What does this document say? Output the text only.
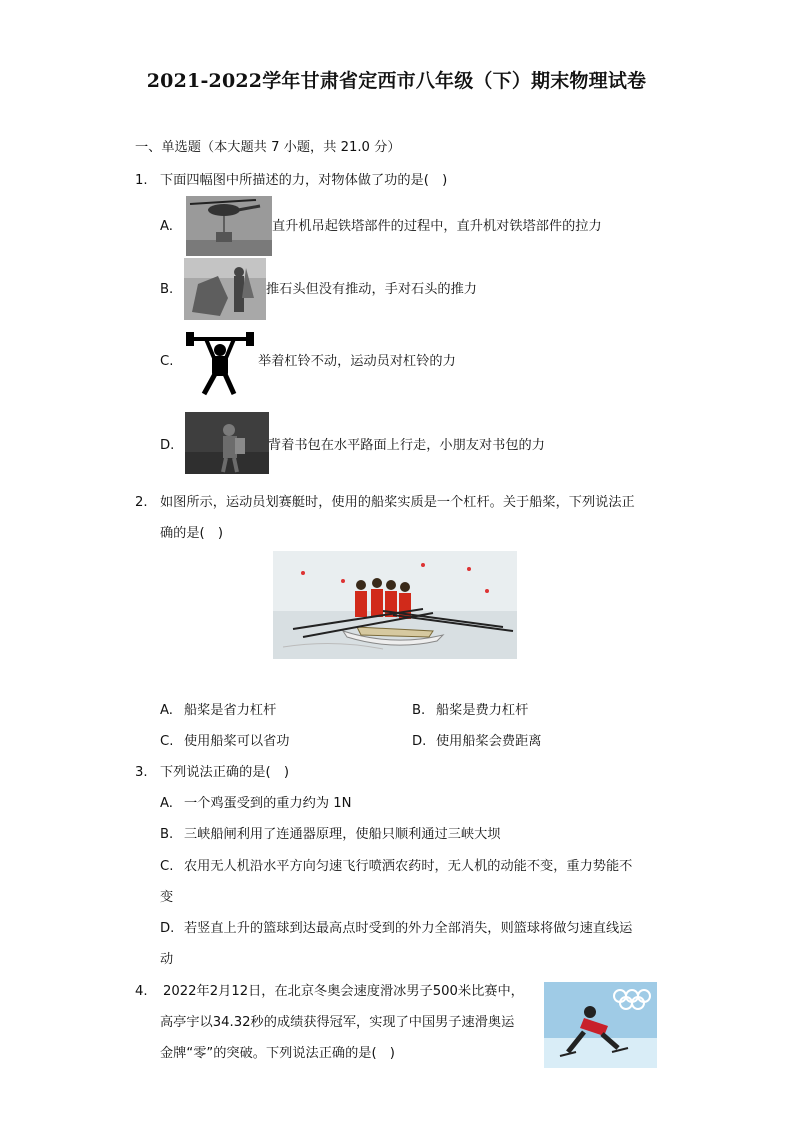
2021-2022学年甘肃省定西市八年级（下）期末物理试卷
一、单选题（本大题共 7 小题，共 21.0 分）
1. 下面四幅图中所描述的力，对物体做了功的是(　)
A.	直升机吊起铁塔部件的过程中，直升机对铁塔部件的拉力
B.	推石头但没有推动，手对石头的推力
C.	举着杠铃不动，运动员对杠铃的力
D.	背着书包在水平路面上行走，小朋友对书包的力
2. 如图所示，运动员划赛艇时，使用的船桨实质是一个杠杆。关于船桨，下列说法正
确的是(　)
A. 船桨是省力杠杆	B. 船桨是费力杠杆
C. 使用船桨可以省功	D. 使用船桨会费距离
3. 下列说法正确的是(　)
A. 一个鸡蛋受到的重力约为 1N
B. 三峡船闸利用了连通器原理，使船只顺利通过三峡大坝
C. 农用无人机沿水平方向匀速飞行喷洒农药时，无人机的动能不变，重力势能不
变
D. 若竖直上升的篮球到达最高点时受到的外力全部消失，则篮球将做匀速直线运
动
4. 2022年2月12日，在北京冬奥会速度滑冰男子500米比赛中，
高亭宇以34.32秒的成绩获得冠军，实现了中国男子速滑奥运
金牌“零”的突破。下列说法正确的是(　)
